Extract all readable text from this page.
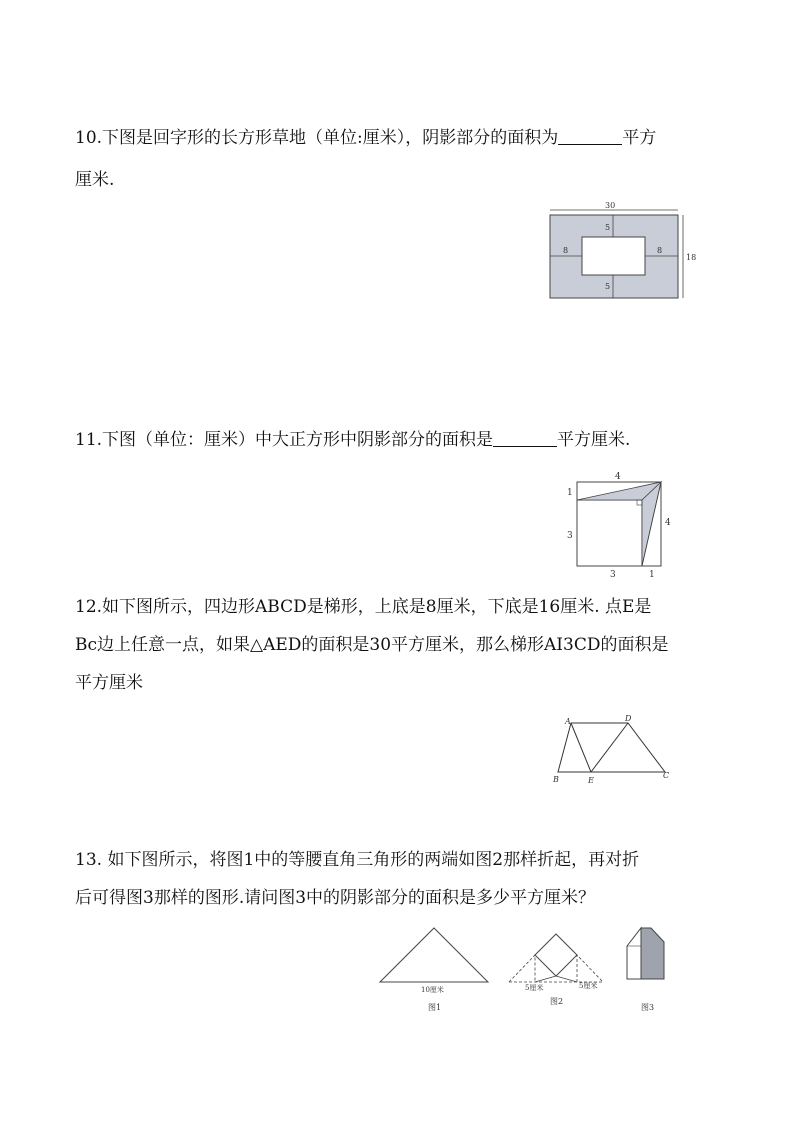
10.下图是回字形的长方形草地（单位:厘米），阴影部分的面积为	平方
厘米.
30
18
5
5
8	8
11.下图（单位：厘米）中大正方形中阴影部分的面积是	平方厘米.
4
1
4
3
3	1
12.如下图所示，四边形ABCD是梯形，上底是8厘米，下底是16厘米. 点E是
Bc边上任意一点，如果△AED的面积是30平方厘米，那么梯形AI3CD的面积是
平方厘米
A	D
B	E
C
13. 如下图所示，将图1中的等腰直角三角形的两端如图2那样折起，再对折
后可得图3那样的图形.请问图3中的阴影部分的面积是多少平方厘米？
10厘米
图1
5厘米	5厘米
图2
图3
